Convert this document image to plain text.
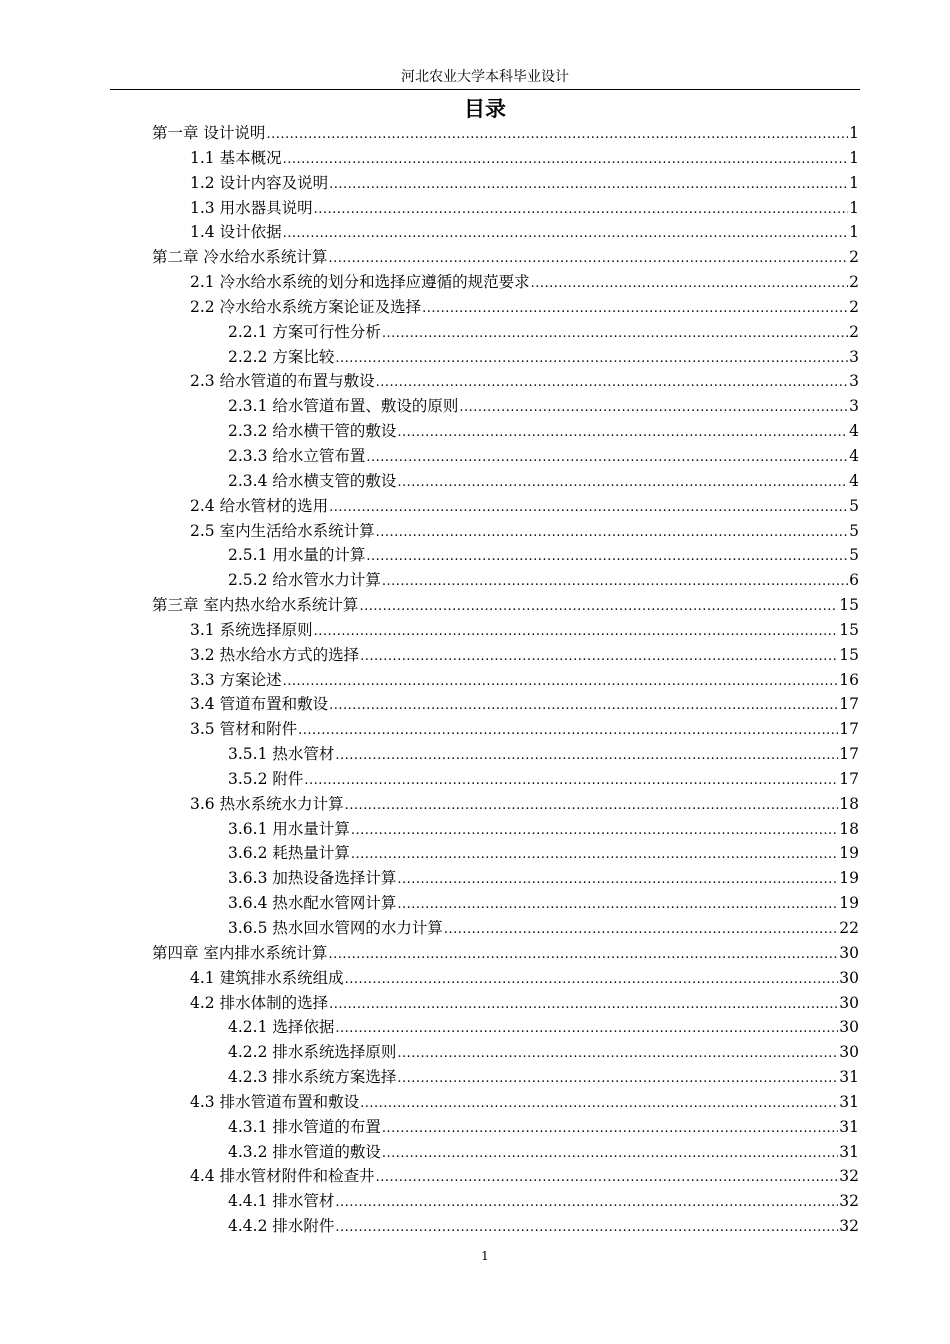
河北农业大学本科毕业设计
目录
第一章 设计说明 .....	1
1.1 基本概况 .....	1
1.2 设计内容及说明 .....	1
1.3 用水器具说明 .....	1
1.4 设计依据 .....	1
第二章 冷水给水系统计算 .....	2
2.1 冷水给水系统的划分和选择应遵循的规范要求 .....	2
2.2 冷水给水系统方案论证及选择 .....	2
2.2.1 方案可行性分析 .....	2
2.2.2 方案比较 .....	3
2.3 给水管道的布置与敷设 .....	3
2.3.1 给水管道布置、敷设的原则 .....	3
2.3.2 给水横干管的敷设 .....	4
2.3.3 给水立管布置 .....	4
2.3.4 给水横支管的敷设 .....	4
2.4 给水管材的选用 .....	5
2.5 室内生活给水系统计算 .....	5
2.5.1 用水量的计算 .....	5
2.5.2 给水管水力计算 .....	6
第三章 室内热水给水系统计算 .....	15
3.1 系统选择原则 .....	15
3.2 热水给水方式的选择 .....	15
3.3 方案论述 .....	16
3.4 管道布置和敷设 .....	17
3.5 管材和附件 .....	17
3.5.1 热水管材 .....	17
3.5.2 附件 .....	17
3.6 热水系统水力计算 .....	18
3.6.1 用水量计算 .....	18
3.6.2 耗热量计算 .....	19
3.6.3 加热设备选择计算 .....	19
3.6.4 热水配水管网计算 .....	19
3.6.5 热水回水管网的水力计算 .....	22
第四章 室内排水系统计算 .....	30
4.1 建筑排水系统组成 .....	30
4.2 排水体制的选择 .....	30
4.2.1 选择依据 .....	30
4.2.2 排水系统选择原则 .....	30
4.2.3 排水系统方案选择 .....	31
4.3 排水管道布置和敷设 .....	31
4.3.1 排水管道的布置 .....	31
4.3.2 排水管道的敷设 .....	31
4.4 排水管材附件和检查井 .....	32
4.4.1 排水管材 .....	32
4.4.2 排水附件 .....	32
1
